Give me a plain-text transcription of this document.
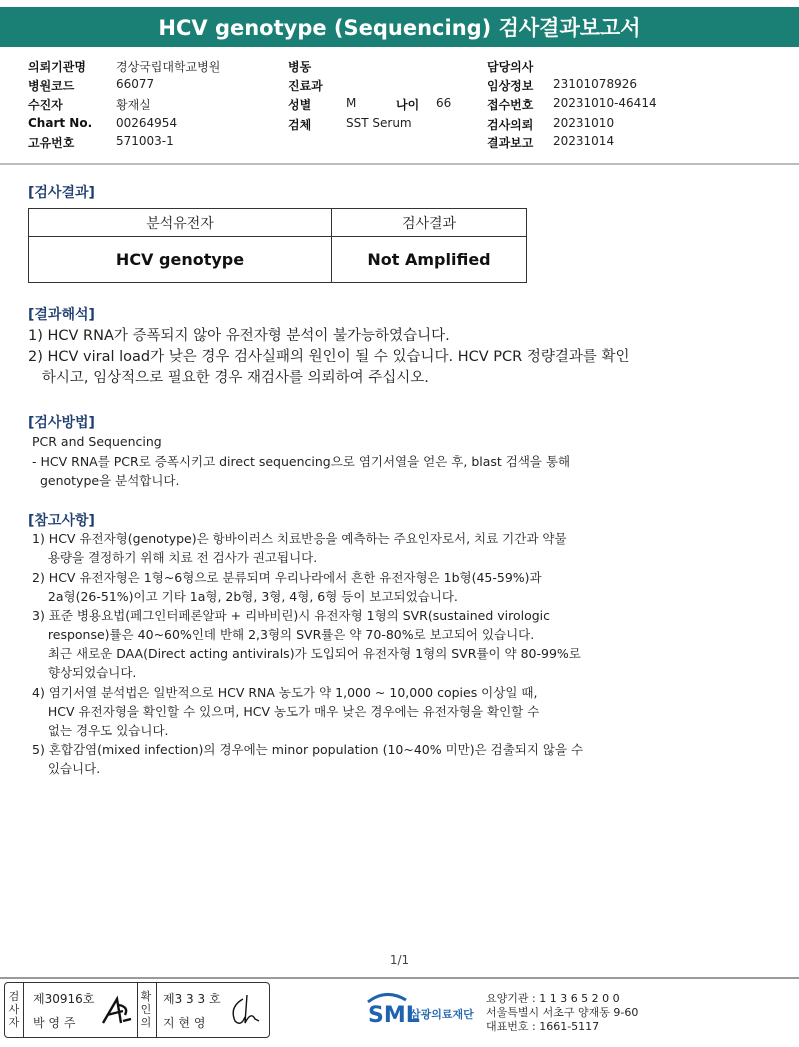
HCV genotype (Sequencing) 검사결과보고서
의뢰기관명	경상국립대학교병원
병원코드	66077
수진자	황재실
Chart No. 00264954
고유번호	571003-1
병동
진료과
성별	M	나이 66
검체	SST Serum
담당의사
임상정보 23101078926
접수번호 20231010-46414
검사의뢰 20231010
결과보고 20231014
[검사결과]
분석유전자	검사결과
HCV genotype	Not Amplified
[결과해석]
1) HCV RNA가 증폭되지 않아 유전자형 분석이 불가능하였습니다.
2) HCV viral load가 낮은 경우 검사실패의 원인이 될 수 있습니다. HCV PCR 정량결과를 확인
하시고, 임상적으로 필요한 경우 재검사를 의뢰하여 주십시오.
[검사방법]
PCR and Sequencing
- HCV RNA를 PCR로 증폭시키고 direct sequencing으로 염기서열을 얻은 후, blast 검색을 통해
genotype을 분석합니다.
[참고사항]
1) HCV 유전자형(genotype)은 항바이러스 치료반응을 예측하는 주요인자로서, 치료 기간과 약물
용량을 결정하기 위해 치료 전 검사가 권고됩니다.
2) HCV 유전자형은 1형~6형으로 분류되며 우리나라에서 흔한 유전자형은 1b형(45-59%)과
2a형(26-51%)이고 기타 1a형, 2b형, 3형, 4형, 6형 등이 보고되었습니다.
3) 표준 병용요법(페그인터페론알파 + 리바비린)시 유전자형 1형의 SVR(sustained virologic
response)률은 40~60%인데 반해 2,3형의 SVR률은 약 70-80%로 보고되어 있습니다.
최근 새로운 DAA(Direct acting antivirals)가 도입되어 유전자형 1형의 SVR률이 약 80-99%로
향상되었습니다.
4) 염기서열 분석법은 일반적으로 HCV RNA 농도가 약 1,000 ~ 10,000 copies 이상일 때,
HCV 유전자형을 확인할 수 있으며, HCV 농도가 매우 낮은 경우에는 유전자형을 확인할 수
없는 경우도 있습니다.
5) 혼합감염(mixed infection)의 경우에는 minor population (10~40% 미만)은 검출되지 않을 수
있습니다.
1/1
검
사
자
제30916호
박 영 주
확
인
의
제3 3 3 호
지 현 영	SML
삼광의료재단
요양기관 : 1 1 3 6 5 2 0 0
서울특별시 서초구 양재동 9-60
대표번호 : 1661-5117
